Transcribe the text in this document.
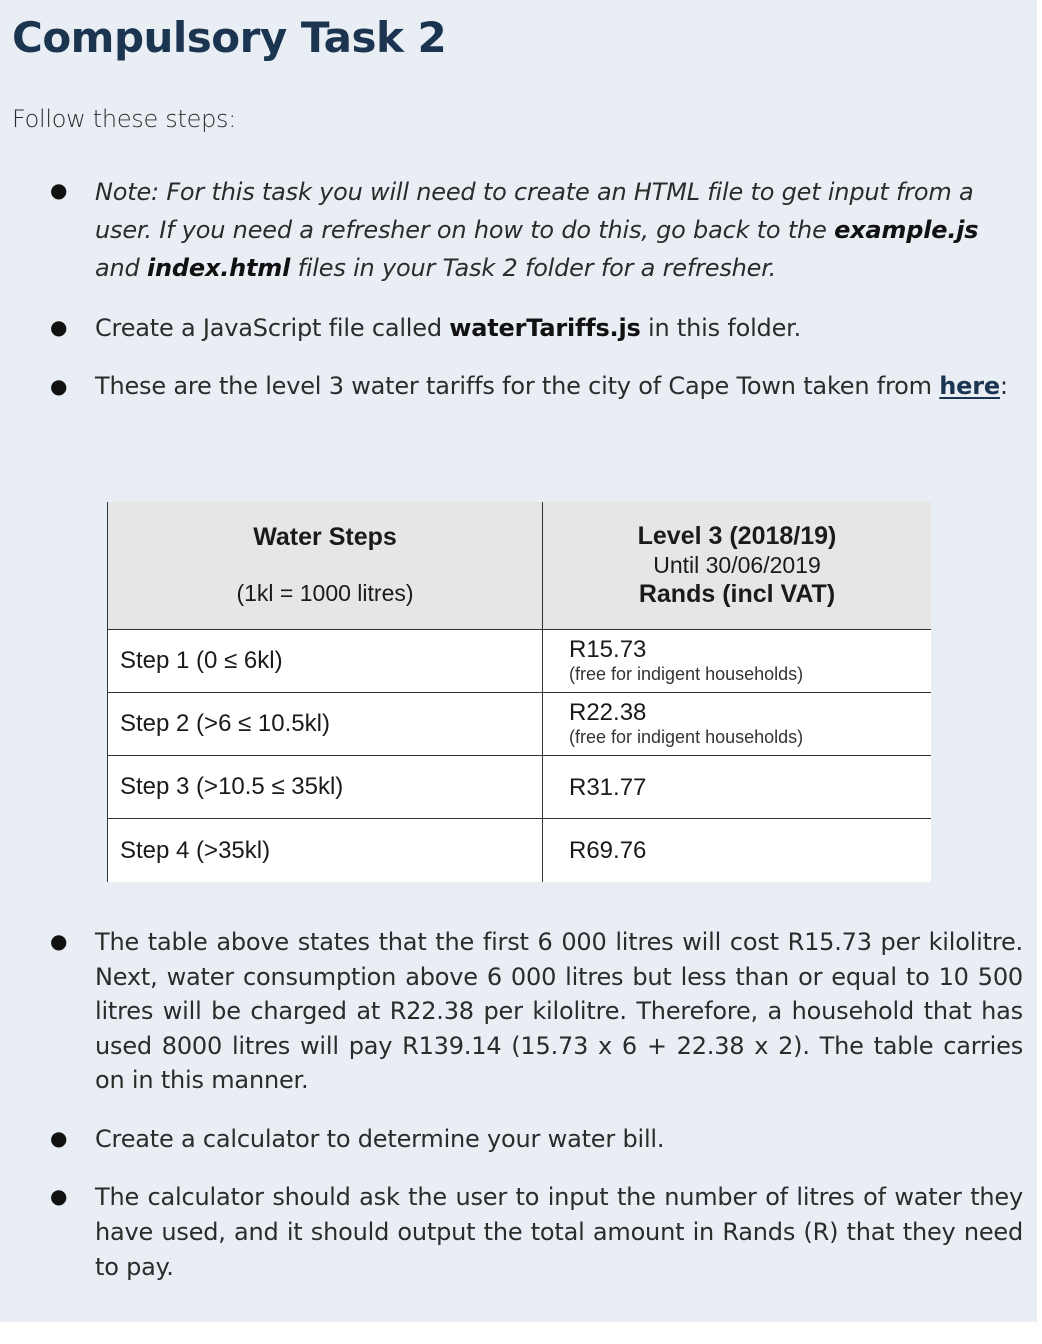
Compulsory Task 2

Follow these steps:

● Note: For this task you will need to create an HTML file to get input from a user. If you need a refresher on how to do this, go back to the example.js and index.html files in your Task 2 folder for a refresher.
● Create a JavaScript file called waterTariffs.js in this folder.
● These are the level 3 water tariffs for the city of Cape Town taken from here:
Water Steps
(1kl = 1000 litres)	Level 3 (2018/19)
Until 30/06/2019
Rands (incl VAT)

Step 1 (0 ≤ 6kl)	R15.73
(free for indigent households)

Step 2 (>6 ≤ 10.5kl)	R22.38
(free for indigent households)

Step 3 (>10.5 ≤ 35kl)	R31.77

Step 4 (>35kl)	R69.76
● The table above states that the first 6 000 litres will cost R15.73 per kilolitre. Next, water consumption above 6 000 litres but less than or equal to 10 500 litres will be charged at R22.38 per kilolitre. Therefore, a household that has used 8000 litres will pay R139.14 (15.73 x 6 + 22.38 x 2). The table carries on in this manner.
● Create a calculator to determine your water bill.
● The calculator should ask the user to input the number of litres of water they have used, and it should output the total amount in Rands (R) that they need to pay.
